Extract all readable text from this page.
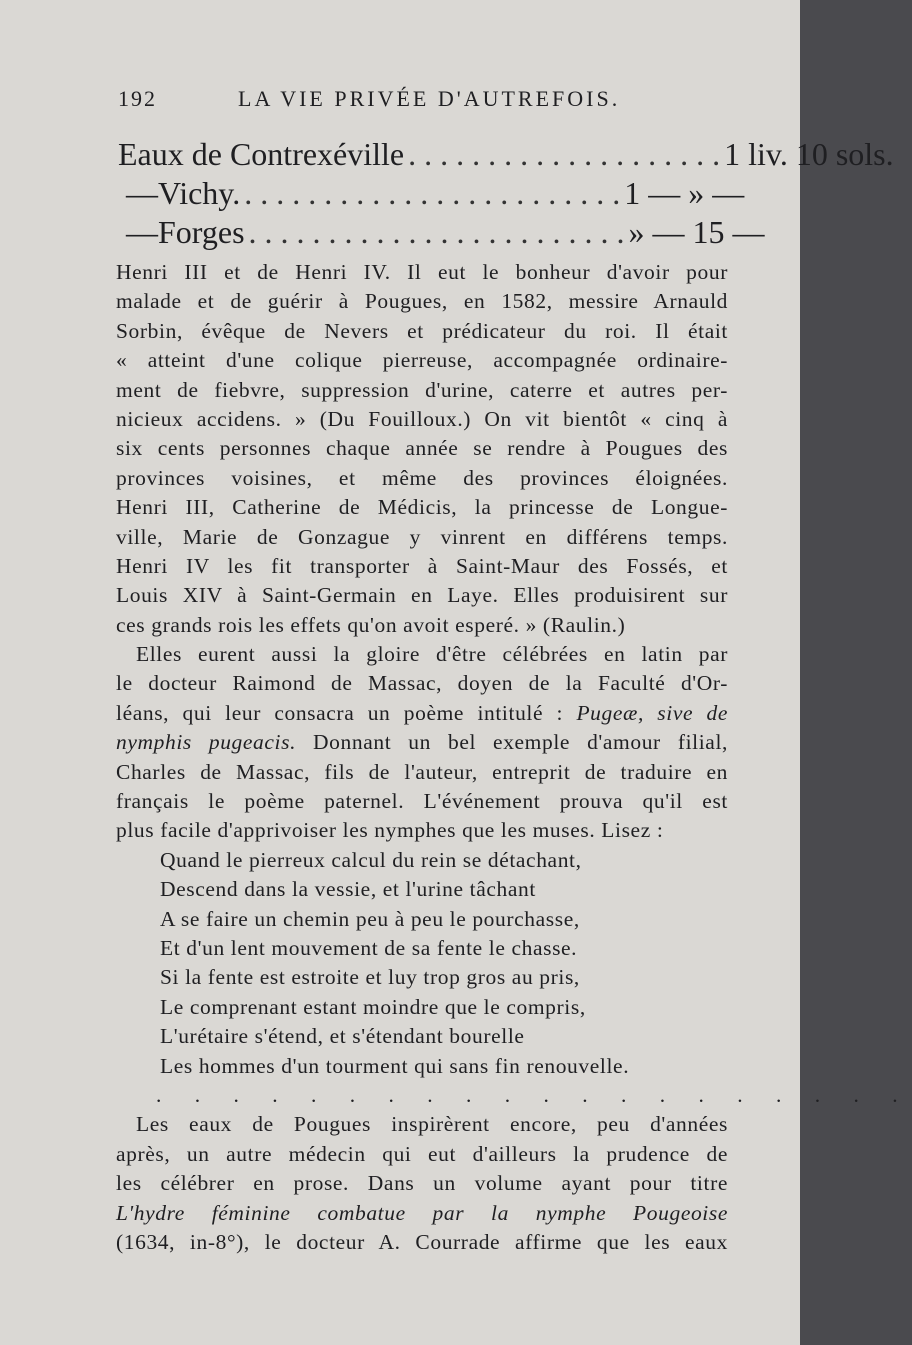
192	LA VIE PRIVÉE D'AUTREFOIS.
Eaux de Contrexéville . . . . . . . . . . . . . . . . . . . . 1 liv. 10 sols.
— Vichy. . . . . . . . . . . . . . . . . . . . . . . . . 1 — » —
— Forges . . . . . . . . . . . . . . . . . . . . . . . . » — 15 —
Henri III et de Henri IV. Il eut le bonheur d'avoir pour
malade et de guérir à Pougues, en 1582, messire Arnauld
Sorbin, évêque de Nevers et prédicateur du roi. Il était
« atteint d'une colique pierreuse, accompagnée ordinaire-
ment de fiebvre, suppression d'urine, caterre et autres per-
nicieux accidens. » (Du Fouilloux.) On vit bientôt « cinq à
six cents personnes chaque année se rendre à Pougues des
provinces voisines, et même des provinces éloignées.
Henri III, Catherine de Médicis, la princesse de Longue-
ville, Marie de Gonzague y vinrent en différens temps.
Henri IV les fit transporter à Saint-Maur des Fossés, et
Louis XIV à Saint-Germain en Laye. Elles produisirent sur
ces grands rois les effets qu'on avoit esperé. » (Raulin.)
Elles eurent aussi la gloire d'être célébrées en latin par
le docteur Raimond de Massac, doyen de la Faculté d'Or-
léans, qui leur consacra un poème intitulé : Pugeæ, sive de
nymphis pugeacis. Donnant un bel exemple d'amour filial,
Charles de Massac, fils de l'auteur, entreprit de traduire en
français le poème paternel. L'événement prouva qu'il est
plus facile d'apprivoiser les nymphes que les muses. Lisez :
Quand le pierreux calcul du rein se détachant,
Descend dans la vessie, et l'urine tâchant
A se faire un chemin peu à peu le pourchasse,
Et d'un lent mouvement de sa fente le chasse.
Si la fente est estroite et luy trop gros au pris,
Le comprenant estant moindre que le compris,
L'urétaire s'étend, et s'étendant bourelle
Les hommes d'un tourment qui sans fin renouvelle.
. . . . . . . . . . . . . . . . . . . .
Les eaux de Pougues inspirèrent encore, peu d'années
après, un autre médecin qui eut d'ailleurs la prudence de
les célébrer en prose. Dans un volume ayant pour titre
L'hydre féminine combatue par la nymphe Pougeoise
(1634, in-8°), le docteur A. Courrade affirme que les eaux
